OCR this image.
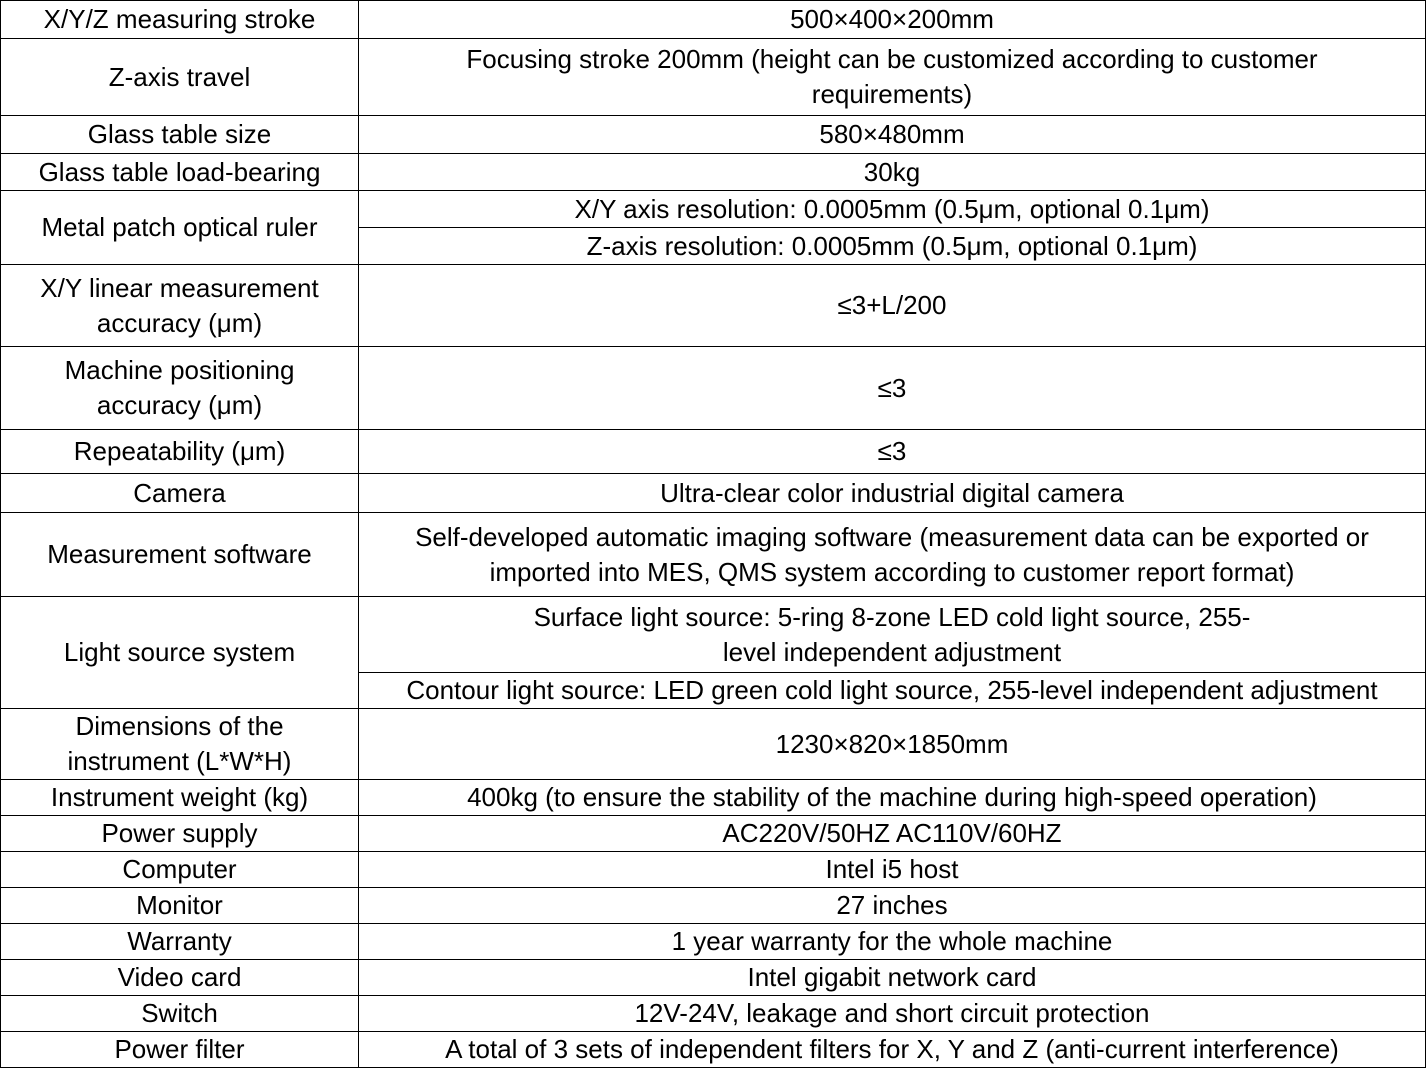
X/Y/Z measuring stroke	500×400×200mm
Z-axis travel	Focusing stroke 200mm (height can be customized according to customer requirements)
Glass table size	580×480mm
Glass table load-bearing	30kg
Metal patch optical ruler	X/Y axis resolution: 0.0005mm (0.5μm, optional 0.1μm)
	Z-axis resolution: 0.0005mm (0.5μm, optional 0.1μm)
X/Y linear measurement accuracy (μm)	≤3+L/200
Machine positioning accuracy (μm)	≤3
Repeatability (μm)	≤3
Camera	Ultra-clear color industrial digital camera
Measurement software	Self-developed automatic imaging software (measurement data can be exported or imported into MES, QMS system according to customer report format)
Light source system	Surface light source: 5-ring 8-zone LED cold light source, 255-level independent adjustment
	Contour light source: LED green cold light source, 255-level independent adjustment
Dimensions of the instrument (L*W*H)	1230×820×1850mm
Instrument weight (kg)	400kg (to ensure the stability of the machine during high-speed operation)
Power supply	AC220V/50HZ AC110V/60HZ
Computer	Intel i5 host
Monitor	27 inches
Warranty	1 year warranty for the whole machine
Video card	Intel gigabit network card
Switch	12V-24V, leakage and short circuit protection
Power filter	A total of 3 sets of independent filters for X, Y and Z (anti-current interference)
